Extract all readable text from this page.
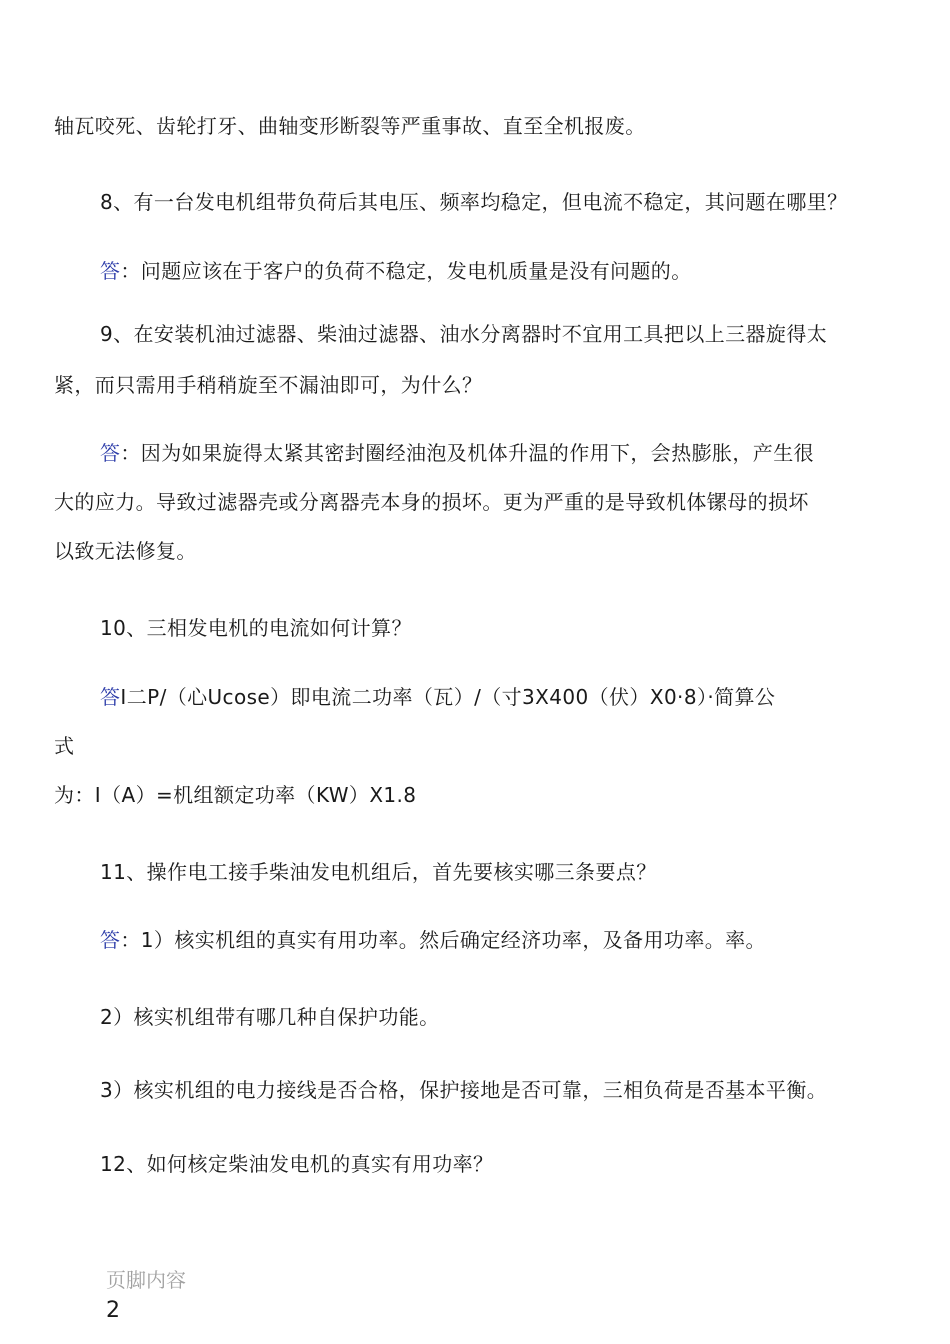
轴瓦咬死、齿轮打牙、曲轴变形断裂等严重事故、直至全机报废。
8、有一台发电机组带负荷后其电压、频率均稳定，但电流不稳定，其问题在哪里？
答：问题应该在于客户的负荷不稳定，发电机质量是没有问题的。
9、在安装机油过滤器、柴油过滤器、油水分离器时不宜用工具把以上三器旋得太
紧，而只需用手稍稍旋至不漏油即可，为什么？
答：因为如果旋得太紧其密封圈经油泡及机体升温的作用下，会热膨胀，产生很
大的应力。导致过滤器壳或分离器壳本身的损坏。更为严重的是导致机体镙母的损坏
以致无法修复。
10、三相发电机的电流如何计算？
答I二P/（心Ucose）即电流二功率（瓦）/（寸3X400（伏）X0·8）·简算公
式
为：I（A）=机组额定功率（KW）X1.8
11、操作电工接手柴油发电机组后，首先要核实哪三条要点？
答：1）核实机组的真实有用功率。然后确定经济功率，及备用功率。率。
2）核实机组带有哪几种自保护功能。
3）核实机组的电力接线是否合格，保护接地是否可靠，三相负荷是否基本平衡。
12、如何核定柴油发电机的真实有用功率？
页脚内容
2
